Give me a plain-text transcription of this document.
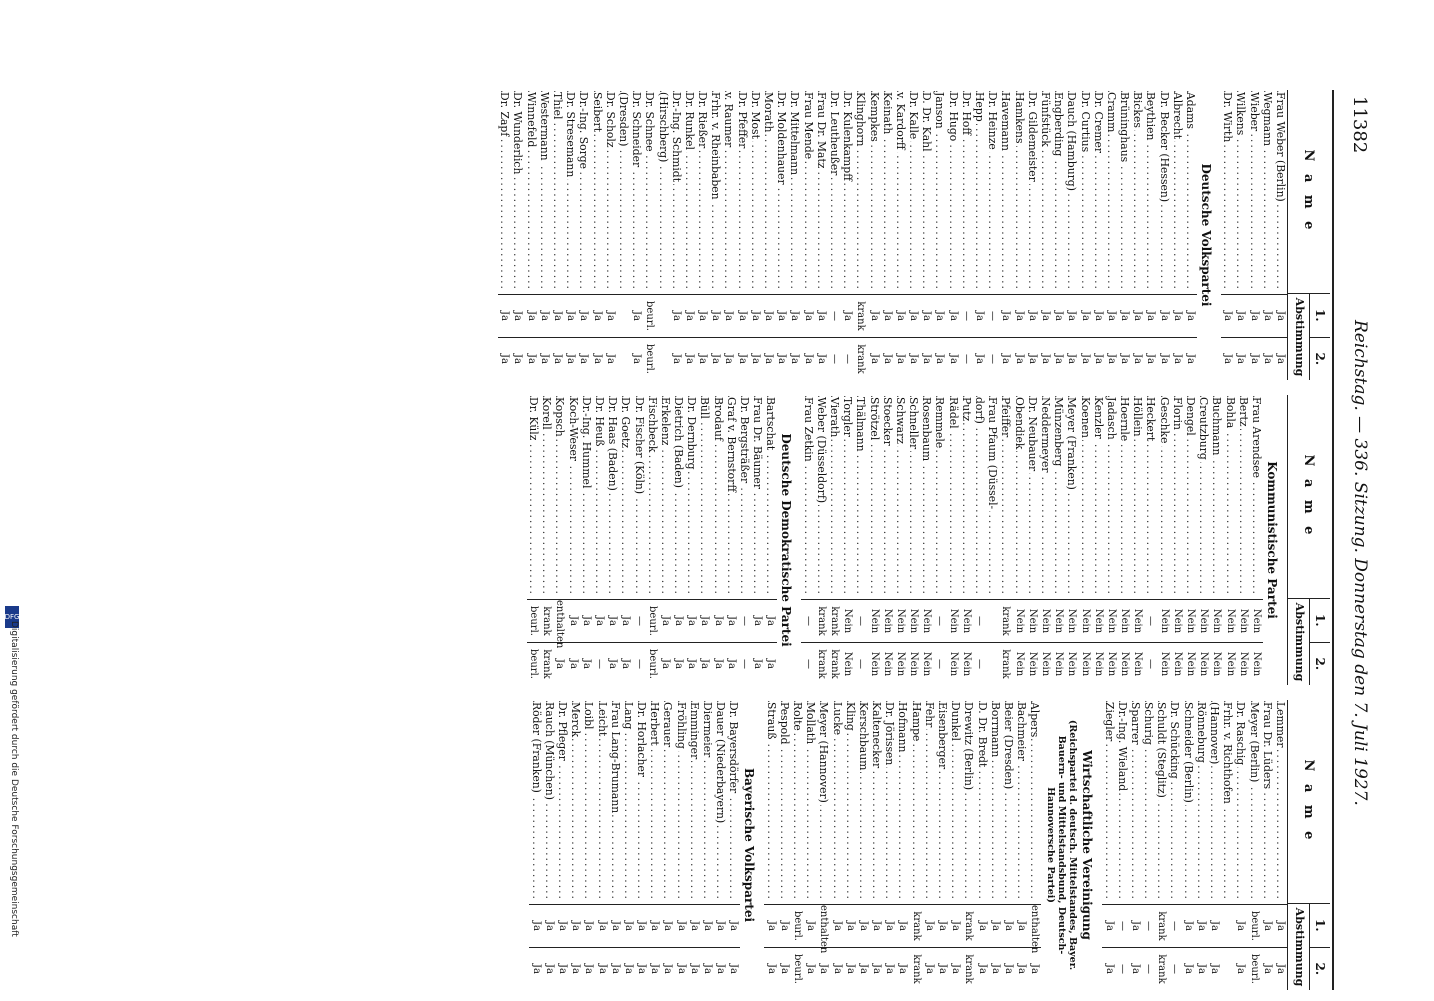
11382
Reichstag. — 336. Sitzung. Donnerstag den 7. Juli 1927.
N a m e
1.
2.
Abstimmung
Frau Weber (Berlin) .....
Ja
Ja
Wegmann .....
Ja
Ja
Wieber .....
Ja
Ja
Wilkens .....
Ja
Ja
Dr. Wirth .....
Ja
Ja
Deutsche Volkspartei
Adams .....
Ja
Ja
Albrecht .....
Ja
Ja
Dr. Becker (Hessen) .....
Ja
Ja
Beythien .....
Ja
Ja
Bickes .....
Ja
Ja
Brüninghaus .....
Ja
Ja
Cramm .....
Ja
Ja
Dr. Cremer .....
Ja
Ja
Dr. Curtius .....
Ja
Ja
Dauch (Hamburg) .....
Ja
Ja
Engberding .....
Ja
Ja
Fünfstück .....
Ja
Ja
Dr. Gildemeister .....
Ja
Ja
Hamkens .....
Ja
Ja
Havemann .....
Ja
Ja
Dr. Heinze .....
—
—
Hepp .....
Ja
Ja
Dr. Hoff .....
—
—
Dr. Hugo .....
Ja
Ja
Janson .....
Ja
Ja
D. Dr. Kahl .....
Ja
Ja
Dr. Kalle .....
Ja
Ja
v. Kardorff .....
Ja
Ja
Keinath .....
Ja
Ja
Kempkes .....
Ja
Ja
Klinghorn .....
krank
krank
Dr. Kulenkampff .....
Ja
—
Dr. Leutheußer .....
—
—
Frau Dr. Matz .....
Ja
Ja
Frau Mende .....
Ja
Ja
Dr. Mittelmann .....
Ja
Ja
Dr. Moldenhauer .....
Ja
Ja
Morath .....
Ja
Ja
Dr. Most .....
Ja
Ja
Dr. Pfeffer .....
Ja
Ja
v. Raumer .....
Ja
Ja
Frhr. v. Rheinbaben .....
Ja
Ja
Dr. Rießer .....
Ja
Ja
Dr. Runkel .....
Ja
Ja
Dr.-Ing. Schmidt .....
Ja
Ja
(Hirschberg) .....
Dr. Schnee .....
beurl.
beurl.
Dr. Schneider .....
Ja
Ja
(Dresden) .....
Dr. Scholz .....
Ja
Ja
Seibert .....
Ja
Ja
Dr.-Ing. Sorge .....
Ja
Ja
Dr. Stresemann .....
Ja
Ja
Thiel .....
Ja
Ja
Westermann .....
Ja
Ja
Winnefeld .....
Ja
Ja
Dr. Wunderlich .....
Ja
Ja
Dr. Zapf .....
Ja
Ja
N a m e
1.
2.
Abstimmung
Kommunistische Partei
Frau Arendsee .....
Nein
Nein
Bertz .....
Nein
Nein
Bohla .....
Nein
Nein
Buchmann .....
Nein
Nein
Creutzburg .....
Nein
Nein
Dengel .....
Nein
Nein
Florin .....
Nein
Nein
Geschke .....
Nein
Nein
Heckert .....
—
—
Höllein .....
Nein
Nein
Hoernle .....
Nein
Nein
Jadasch .....
Nein
Nein
Kenzler .....
Nein
Nein
Koenen .....
Nein
Nein
Meyer (Franken) .....
Nein
Nein
Münzenberg .....
Nein
Nein
Neddermeyer .....
Nein
Nein
Dr. Neubauer .....
Nein
Nein
Obendiek .....
Nein
Nein
Pfeiffer .....
krank
krank
Frau Pfaum (Düssel- .....
dorf) .....
—
—
Putz .....
Nein
Nein
Rädel .....
Nein
Nein
Remmele .....
—
—
Rosenbaum .....
Nein
Nein
Schneller .....
Nein
Nein
Schwarz .....
Nein
Nein
Stoecker .....
Nein
Nein
Strötzel .....
Nein
Nein
Thälmann .....
—
—
Torgler .....
Nein
Nein
Vierath .....
krank
krank
Weber (Düsseldorf) .....
krank
krank
Frau Zetkin .....
—
—
Deutsche Demokratische Partei
Bartschat .....
Ja
Ja
Frau Dr. Bäumer .....
Ja
Ja
Dr. Bergsträßer .....
—
—
Graf v. Bernstorff .....
Ja
Ja
Brodauf .....
Ja
Ja
Büll .....
Ja
Ja
Dr. Dernburg .....
Ja
Ja
Dietrich (Baden) .....
Ja
Ja
Erkelenz .....
Ja
Ja
Fischbeck .....
beurl.
beurl.
Dr. Fischer (Köln) .....
—
—
Dr. Goetz .....
Ja
Ja
Dr. Haas (Baden) .....
Ja
Ja
Dr. Heuß .....
Ja
—
Dr.-Ing. Hummel .....
Ja
Ja
Koch-Weser .....
Ja
Ja
Kopsch .....
enthalten
Ja
Korell .....
krank
krank
Dr. Külz .....
beurl.
beurl.
N a m e
1.
2.
Abstimmung
Lemmer .....
Ja
Ja
Frau Dr. Lüders .....
Ja
Ja
Meyer (Berlin) .....
beurl.
beurl.
Dr. Raschig .....
Ja
Ja
Frhr. v. Richthofen .....
(Hannover) .....
Ja
Ja
Rönneburg .....
Ja
Ja
Schneider (Berlin) .....
Ja
Ja
Dr. Schücking .....
—
—
Schuldt (Steglitz) .....
krank
krank
Schurig .....
—
—
Sparrer .....
Ja
Ja
Dr.-Ing. Wieland .....
—
—
Ziegler .....
Ja
Ja
Wirtschaftliche Vereinigung
(Reichspartei d. deutsch. Mittelstandes, Bayer. Bauern- und Mittelstandsbund, Deutsch-Hannoversche Partei)
Alpers .....
enthalten
Ja
Bachmeier .....
Ja
Ja
Beier (Dresden) .....
Ja
Ja
Borrmann .....
Ja
Ja
D. Dr. Bredt .....
Ja
Ja
Drewitz (Berlin) .....
krank
krank
Dunkel .....
Ja
Ja
Eisenberger .....
Ja
Ja
Fehr .....
Ja
Ja
Hampe .....
krank
krank
Hofmann .....
Ja
Ja
Dr. Jörissen .....
Ja
Ja
Kaltenecker .....
Ja
Ja
Kerschbaum .....
Ja
Ja
Kling .....
Ja
Ja
Lucke .....
Ja
Ja
Meyer (Hannover) .....
enthalten
Ja
Mollath .....
Ja
Ja
Rolte .....
beurl.
beurl.
Pespold .....
Ja
Ja
Strauß .....
Ja
Ja
Bayerische Volkspartei
Dr. Bayersdörfer .....
Ja
Ja
Dauer (Niederbayern) .....
Ja
Ja
Diermeier .....
Ja
Ja
Emminger .....
Ja
Ja
Fröhling .....
Ja
Ja
Gerauer .....
Ja
Ja
Herbert .....
Ja
Ja
Dr. Horlacher .....
Ja
Ja
Lang .....
Ja
Ja
Frau Lang-Brumann .....
Ja
Ja
Leicht .....
Ja
Ja
Loibl .....
Ja
Ja
Merck .....
Ja
Ja
Dr. Pfleger .....
Ja
Ja
Rauch (München) .....
Ja
Ja
Röder (Franken) .....
Ja
Ja
DFG
Digitalisierung gefördert durch die Deutsche Forschungsgemeinschaft
